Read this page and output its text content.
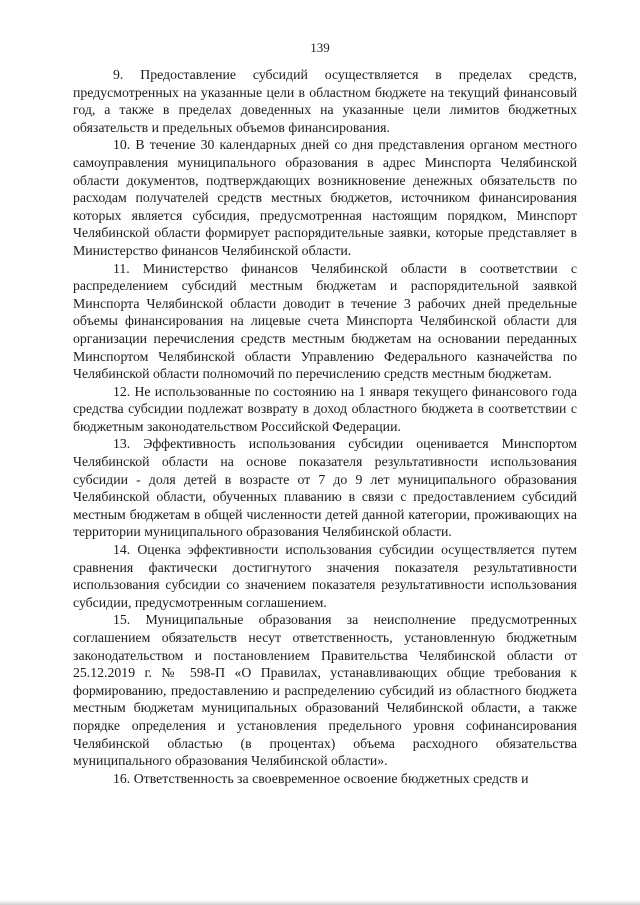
139

9. Предоставление субсидий осуществляется в пределах средств, предусмотренных на указанные цели в областном бюджете на текущий финансовый год, а также в пределах доведенных на указанные цели лимитов бюджетных обязательств и предельных объемов финансирования.

10. В течение 30 календарных дней со дня представления органом местного самоуправления муниципального образования в адрес Минспорта Челябинской области документов, подтверждающих возникновение денежных обязательств по расходам получателей средств местных бюджетов, источником финансирования которых является субсидия, предусмотренная настоящим порядком, Минспорт Челябинской области формирует распорядительные заявки, которые представляет в Министерство финансов Челябинской области.

11. Министерство финансов Челябинской области в соответствии с распределением субсидий местным бюджетам и распорядительной заявкой Минспорта Челябинской области доводит в течение 3 рабочих дней предельные объемы финансирования на лицевые счета Минспорта Челябинской области для организации перечисления средств местным бюджетам на основании переданных Минспортом Челябинской области Управлению Федерального казначейства по Челябинской области полномочий по перечислению средств местным бюджетам.

12. Не использованные по состоянию на 1 января текущего финансового года средства субсидии подлежат возврату в доход областного бюджета в соответствии с бюджетным законодательством Российской Федерации.

13. Эффективность использования субсидии оценивается Минспортом Челябинской области на основе показателя результативности использования субсидии - доля детей в возрасте от 7 до 9 лет муниципального образования Челябинской области, обученных плаванию в связи с предоставлением субсидий местным бюджетам в общей численности детей данной категории, проживающих на территории муниципального образования Челябинской области.

14. Оценка эффективности использования субсидии осуществляется путем сравнения фактически достигнутого значения показателя результативности использования субсидии со значением показателя результативности использования субсидии, предусмотренным соглашением.

15. Муниципальные образования за неисполнение предусмотренных соглашением обязательств несут ответственность, установленную бюджетным законодательством и постановлением Правительства Челябинской области от 25.12.2019 г. № 598-П «О Правилах, устанавливающих общие требования к формированию, предоставлению и распределению субсидий из областного бюджета местным бюджетам муниципальных образований Челябинской области, а также порядке определения и установления предельного уровня софинансирования Челябинской областью (в процентах) объема расходного обязательства муниципального образования Челябинской области».

16. Ответственность за своевременное освоение бюджетных средств и
